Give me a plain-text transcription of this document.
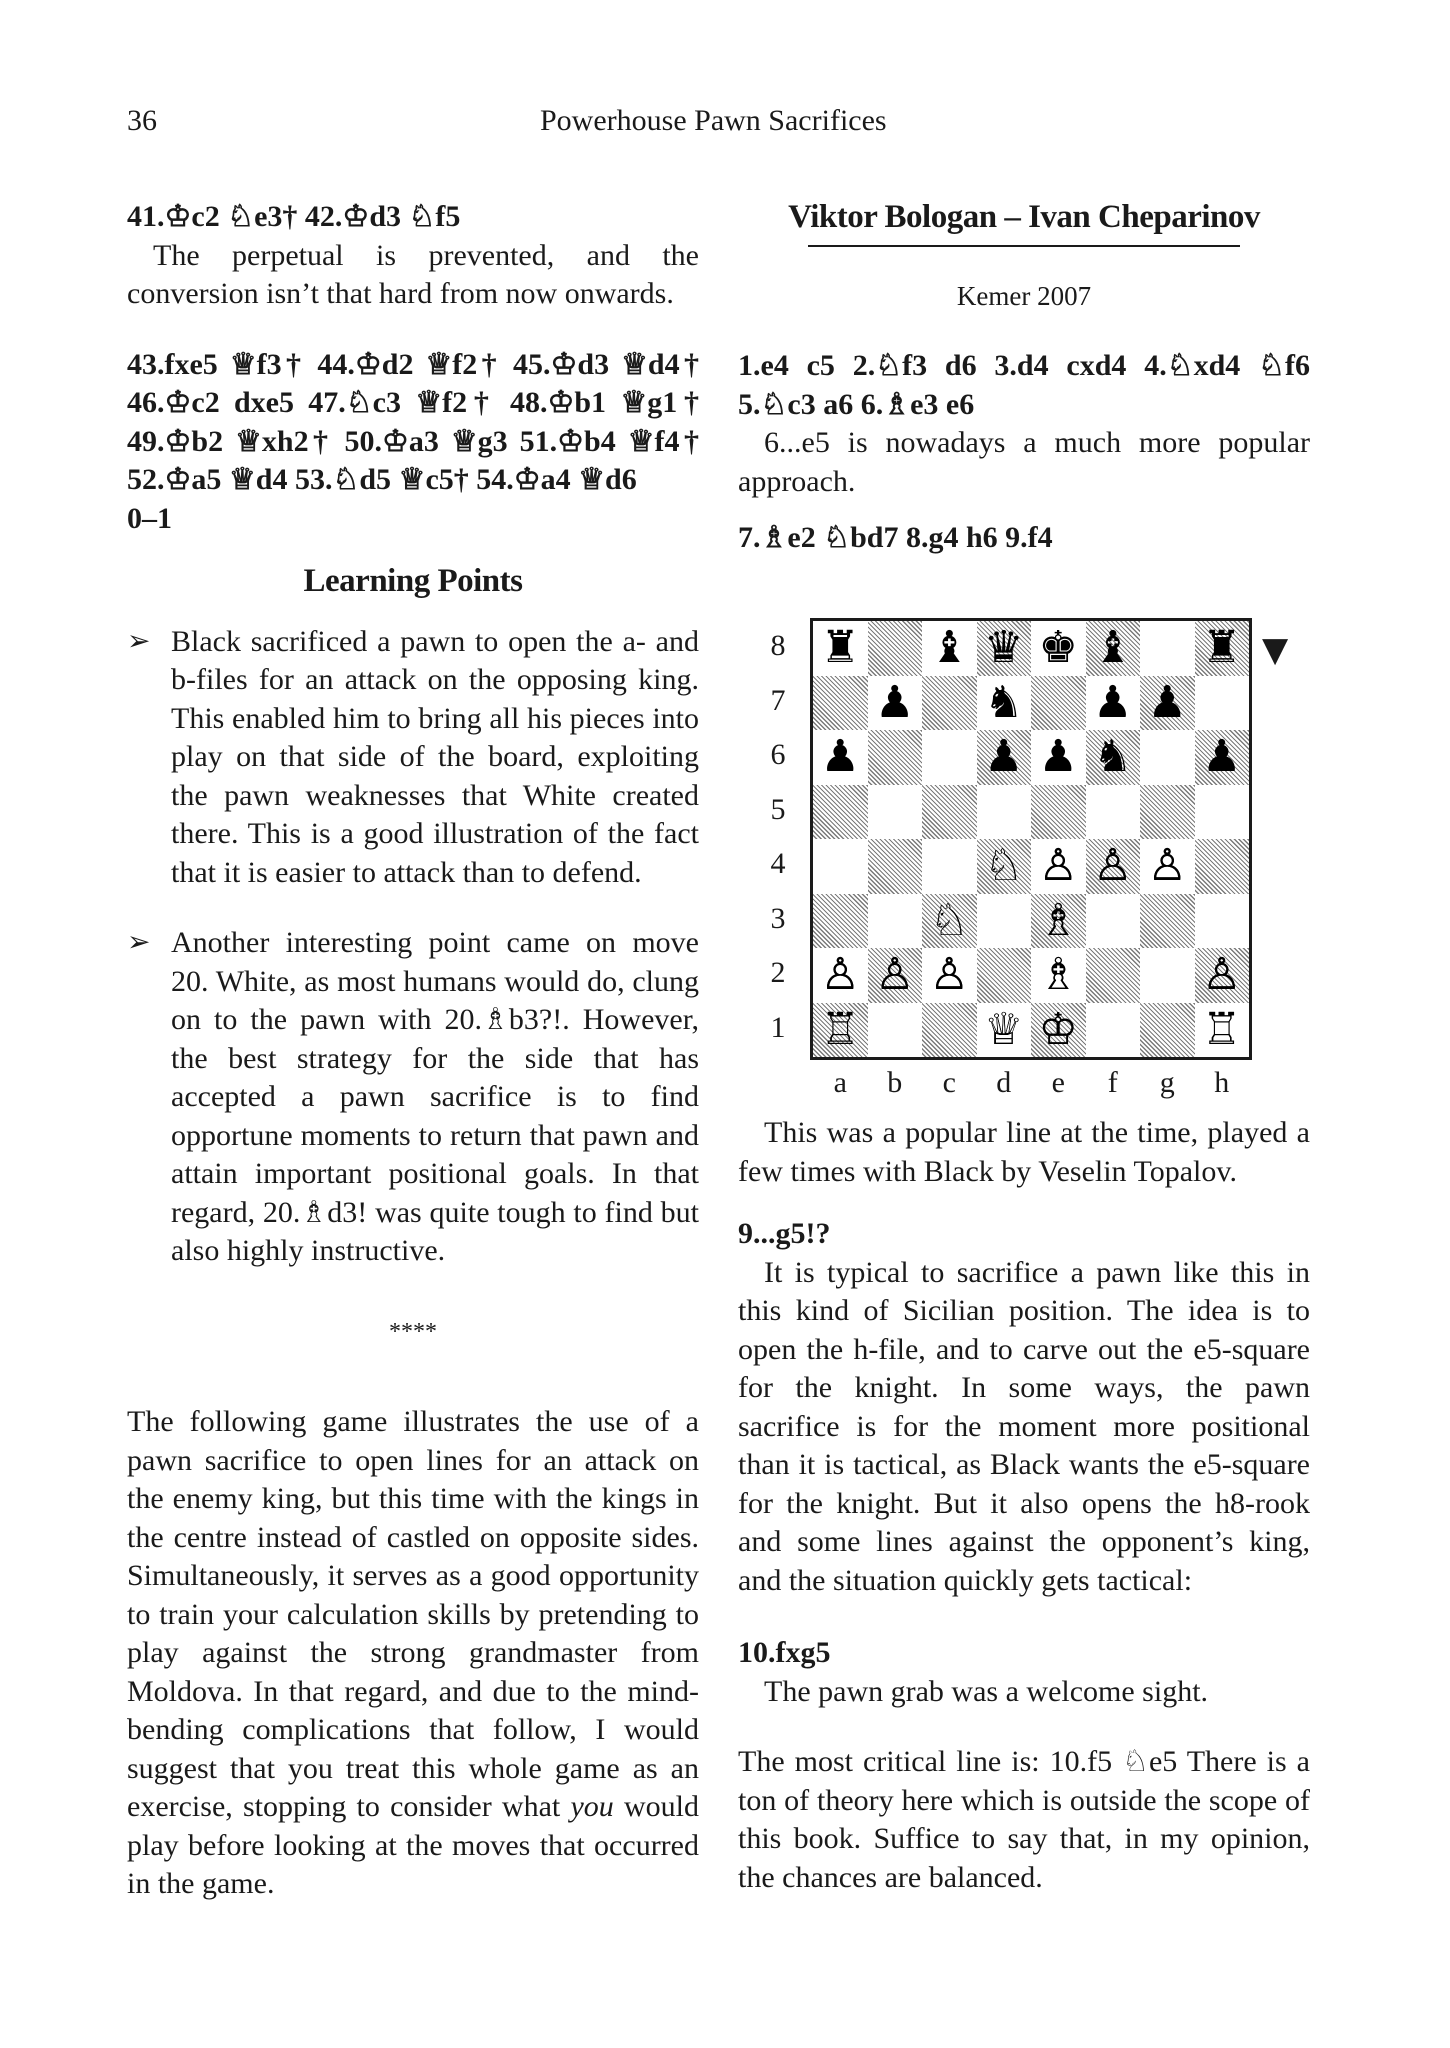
36	Powerhouse Pawn Sacrifices

41.♔c2 ♘e3† 42.♔d3 ♘f5

The perpetual is prevented, and the conversion isn’t that hard from now onwards.

43.fxe5 ♕f3† 44.♔d2 ♕f2† 45.♔d3 ♕d4† 46.♔c2 dxe5 47.♘c3 ♕f2† 48.♔b1 ♕g1† 49.♔b2 ♕xh2† 50.♔a3 ♕g3 51.♔b4 ♕f4† 52.♔a5 ♕d4 53.♘d5 ♕c5† 54.♔a4 ♕d6

0–1

Learning Points

➢ Black sacrificed a pawn to open the a- and b-files for an attack on the opposing king. This enabled him to bring all his pieces into play on that side of the board, exploiting the pawn weaknesses that White created there. This is a good illustration of the fact that it is easier to attack than to defend.
➢ Another interesting point came on move 20. White, as most humans would do, clung on to the pawn with 20.♗b3?!. However, the best strategy for the side that has accepted a pawn sacrifice is to find opportune moments to return that pawn and attain important positional goals. In that regard, 20.♗d3! was quite tough to find but also highly instructive.

****

The following game illustrates the use of a pawn sacrifice to open lines for an attack on the enemy king, but this time with the kings in the centre instead of castled on opposite sides. Simultaneously, it serves as a good opportunity to train your calculation skills by pretending to play against the strong grandmaster from Moldova. In that regard, and due to the mind-bending complications that follow, I would suggest that you treat this whole game as an exercise, stopping to consider what you would play before looking at the moves that occurred in the game.

Viktor Bologan – Ivan Cheparinov

Kemer 2007

1.e4 c5 2.♘f3 d6 3.d4 cxd4 4.♘xd4 ♘f6 5.♘c3 a6 6.♗e3 e6

6...e5 is nowadays a much more popular approach.

7.♗e2 ♘bd7 8.g4 h6 9.f4

8
7
6
5
4
3
2
1
♜ ♝ ♛ ♚ ♝ ♜
♟ ♞ ♟ ♟
♟	♟ ♟ ♞ ♟
♘ ♙ ♙ ♙
♘ ♗
♙ ♙ ♙ ♗	♙
♖	♕ ♔	♖
a	b	c	d	e	f	g	h
▼

This was a popular line at the time, played a few times with Black by Veselin Topalov.

9...g5!?

It is typical to sacrifice a pawn like this in this kind of Sicilian position. The idea is to open the h-file, and to carve out the e5-square for the knight. In some ways, the pawn sacrifice is for the moment more positional than it is tactical, as Black wants the e5-square for the knight. But it also opens the h8-rook and some lines against the opponent’s king, and the situation quickly gets tactical:

10.fxg5

The pawn grab was a welcome sight.

The most critical line is: 10.f5 ♘e5 There is a ton of theory here which is outside the scope of this book. Suffice to say that, in my opinion, the chances are balanced.
